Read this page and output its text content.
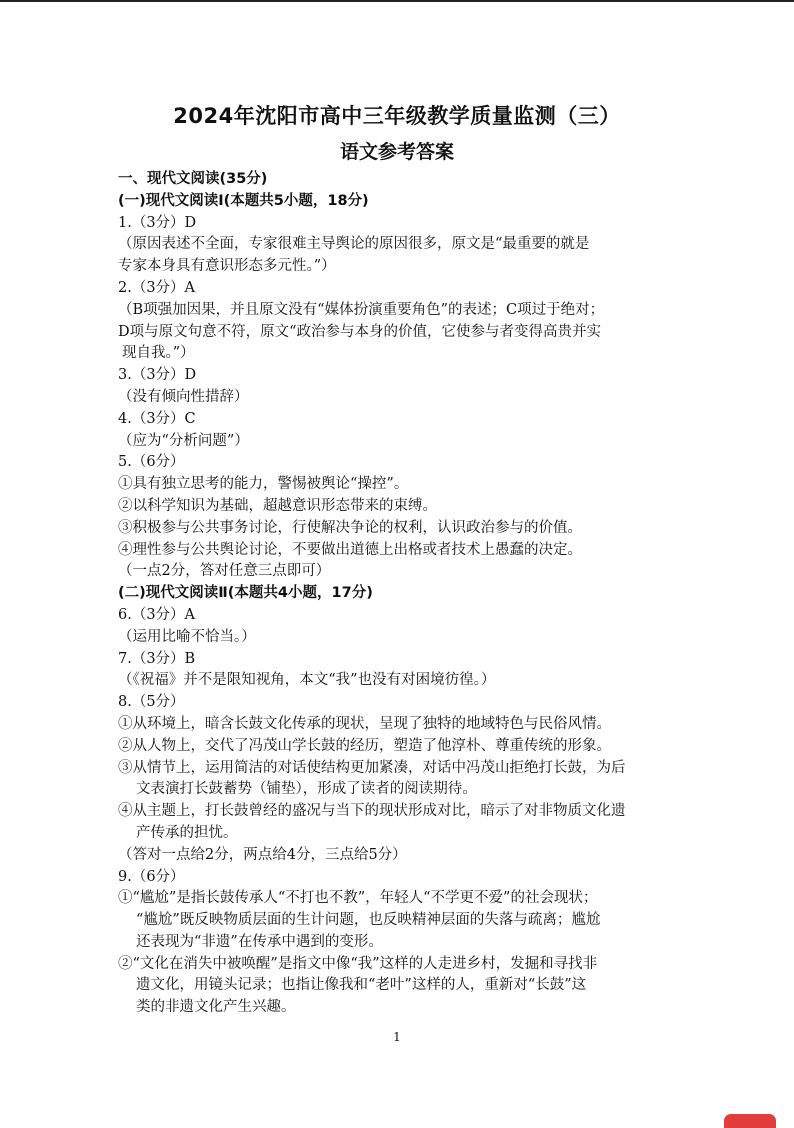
2024年沈阳市高中三年级教学质量监测（三）
语文参考答案
一、现代文阅读(35分)
(一)现代文阅读Ⅰ(本题共5小题，18分)
1.（3分）D
（原因表述不全面，专家很难主导舆论的原因很多，原文是“最重要的就是
专家本身具有意识形态多元性。”）
2.（3分）A
（B项强加因果，并且原文没有“媒体扮演重要角色”的表述；C项过于绝对；
D项与原文句意不符，原文“政治参与本身的价值，它使参与者变得高贵并实
现自我。”）
3.（3分）D
（没有倾向性措辞）
4.（3分）C
（应为“分析问题”）
5.（6分）
①具有独立思考的能力，警惕被舆论“操控”。
②以科学知识为基础，超越意识形态带来的束缚。
③积极参与公共事务讨论，行使解决争论的权利，认识政治参与的价值。
④理性参与公共舆论讨论，不要做出道德上出格或者技术上愚蠢的决定。
（一点2分，答对任意三点即可）
(二)现代文阅读Ⅱ(本题共4小题，17分)
6.（3分）A
（运用比喻不恰当。）
7.（3分）B
（《祝福》并不是限知视角，本文“我”也没有对困境彷徨。）
8.（5分）
①从环境上，暗含长鼓文化传承的现状，呈现了独特的地域特色与民俗风情。
②从人物上，交代了冯茂山学长鼓的经历，塑造了他淳朴、尊重传统的形象。
③从情节上，运用简洁的对话使结构更加紧凑，对话中冯茂山拒绝打长鼓，为后
文表演打长鼓蓄势（铺垫），形成了读者的阅读期待。
④从主题上，打长鼓曾经的盛况与当下的现状形成对比，暗示了对非物质文化遗
产传承的担忧。
（答对一点给2分，两点给4分，三点给5分）
9.（6分）
①“尴尬”是指长鼓传承人“不打也不教”，年轻人“不学更不爱”的社会现状；
“尴尬”既反映物质层面的生计问题，也反映精神层面的失落与疏离；尴尬
还表现为“非遗”在传承中遇到的变形。
②“文化在消失中被唤醒”是指文中像“我”这样的人走进乡村，发掘和寻找非
遗文化，用镜头记录；也指让像我和“老叶”这样的人，重新对“长鼓”这
类的非遗文化产生兴趣。
1
